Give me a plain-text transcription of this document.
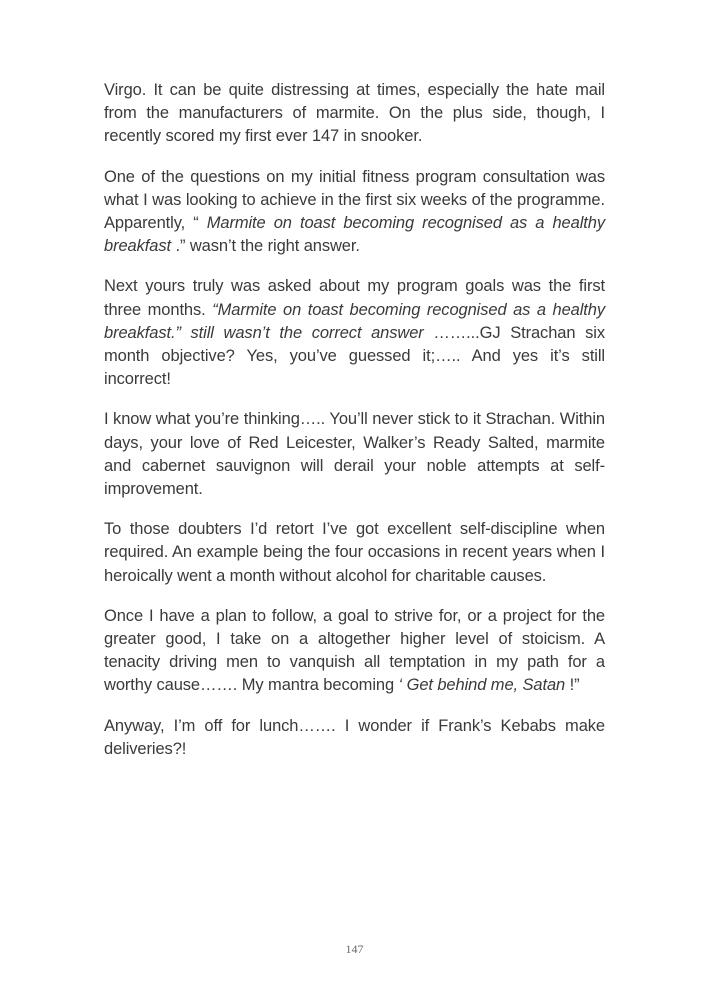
Virgo. It can be quite distressing at times, especially the hate mail from the manufacturers of marmite. On the plus side, though, I recently scored my first ever 147 in snooker.

One of the questions on my initial fitness program consultation was what I was looking to achieve in the first six weeks of the programme. Apparently, “ Marmite on toast becoming recognised as a healthy breakfast .” wasn’t the right answer.

Next yours truly was asked about my program goals was the first three months. “Marmite on toast becoming recognised as a healthy breakfast.” still wasn’t the correct answer ……...GJ Strachan six month objective? Yes, you’ve guessed it;….. And yes it’s still incorrect!

I know what you’re thinking….. You’ll never stick to it Strachan. Within days, your love of Red Leicester, Walker’s Ready Salted, marmite and cabernet sauvignon will derail your noble attempts at self-improvement.

To those doubters I’d retort I’ve got excellent self-discipline when required. An example being the four occasions in recent years when I heroically went a month without alcohol for charitable causes.

Once I have a plan to follow, a goal to strive for, or a project for the greater good, I take on a altogether higher level of stoicism. A tenacity driving men to vanquish all temptation in my path for a worthy cause……. My mantra becoming ‘ Get behind me, Satan !”

Anyway, I’m off for lunch……. I wonder if Frank’s Kebabs make deliveries?!

147
